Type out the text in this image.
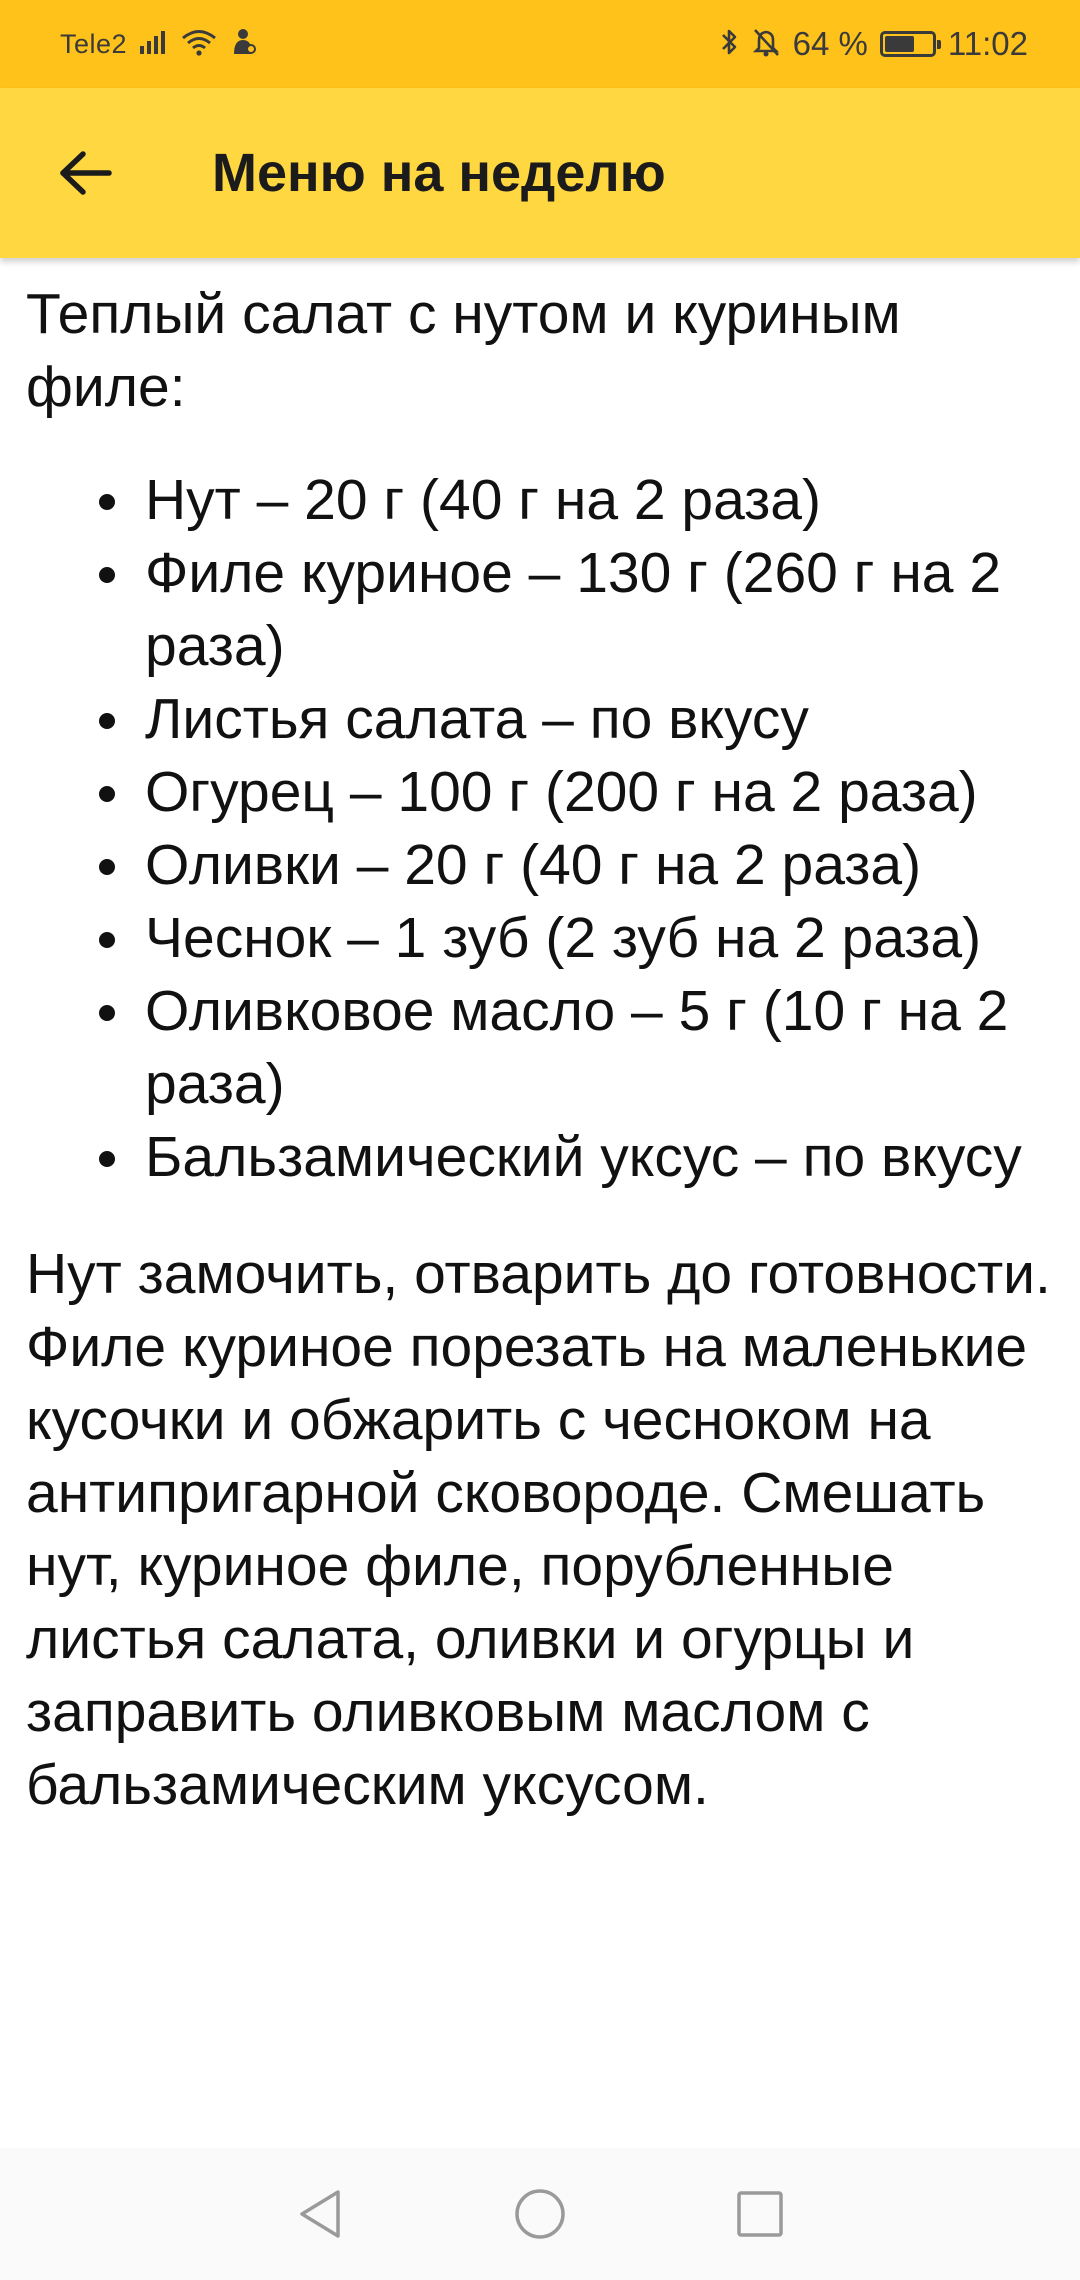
Tele2	64 % 11:02
Меню на неделю

Теплый салат с нутом и куриным филе:

Нут – 20 г (40 г на 2 раза)
Филе куриное – 130 г (260 г на 2 раза)
Листья салата – по вкусу
Огурец – 100 г (200 г на 2 раза)
Оливки – 20 г (40 г на 2 раза)
Чеснок – 1 зуб (2 зуб на 2 раза)
Оливковое масло – 5 г (10 г на 2 раза)
Бальзамический уксус – по вкусу

Нут замочить, отварить до готовности. Филе куриное порезать на маленькие кусочки и обжарить с чесноком на антипригарной сковороде. Смешать нут, куриное филе, порубленные листья салата, оливки и огурцы и заправить оливковым маслом с бальзамическим уксусом.
